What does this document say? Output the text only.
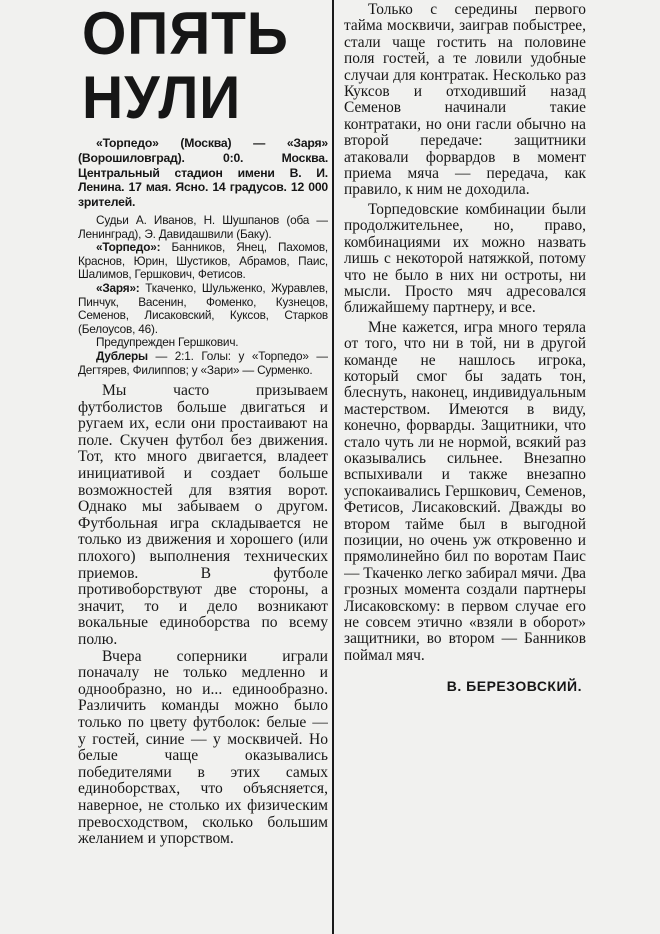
ОПЯТЬ
НУЛИ

«Торпедо» (Москва) — «Заря» (Ворошиловград). 0:0. Москва. Центральный стадион имени В. И. Ленина. 17 мая. Ясно. 14 градусов. 12 000 зрителей.

Судьи А. Иванов, Н. Шушпанов (оба — Ленинград), Э. Давидашвили (Баку).

«Торпедо»: Банников, Янец, Пахомов, Краснов, Юрин, Шустиков, Абрамов, Паис, Шалимов, Гершкович, Фетисов.

«Заря»: Ткаченко, Шульженко, Журавлев, Пинчук, Васенин, Фоменко, Кузнецов, Семенов, Лисаковский, Куксов, Старков (Белоусов, 46).

Предупрежден Гершкович.

Дублеры — 2:1. Голы: у «Торпедо» — Дегтярев, Филиппов; у «Зари» — Сурменко.

Мы часто призываем футболистов больше двигаться и ругаем их, если они простаивают на поле. Скучен футбол без движения. Тот, кто много двигается, владеет инициативой и создает больше возможностей для взятия ворот. Однако мы забываем о другом. Футбольная игра складывается не только из движения и хорошего (или плохого) выполнения технических приемов. В футболе противоборствуют две стороны, а значит, то и дело возникают вокальные единоборства по всему полю.

Вчера соперники играли поначалу не только медленно и однообразно, но и... единообразно. Различить команды можно было только по цвету футболок: белые — у гостей, синие — у москвичей. Но белые чаще оказывались победителями в этих самых единоборствах, что объясняется, наверное, не столько их физическим превосходством, сколько большим желанием и упорством.

Только с середины первого тайма москвичи, заиграв побыстрее, стали чаще гостить на половине поля гостей, а те ловили удобные случаи для контратак. Несколько раз Куксов и отходивший назад Семенов начинали такие контратаки, но они гасли обычно на второй передаче: защитники атаковали форвардов в момент приема мяча — передача, как правило, к ним не доходила.

Торпедовские комбинации были продолжительнее, но, право, комбинациями их можно назвать лишь с некоторой натяжкой, потому что не было в них ни остроты, ни мысли. Просто мяч адресовался ближайшему партнеру, и все.

Мне кажется, игра много теряла от того, что ни в той, ни в другой команде не нашлось игрока, который смог бы задать тон, блеснуть, наконец, индивидуальным мастерством. Имеются в виду, конечно, форварды. Защитники, что стало чуть ли не нормой, всякий раз оказывались сильнее. Внезапно вспыхивали и также внезапно успокаивались Гершкович, Семенов, Фетисов, Лисаковский. Дважды во втором тайме был в выгодной позиции, но очень уж откровенно и прямолинейно бил по воротам Паис — Ткаченко легко забирал мячи. Два грозных момента создали партнеры Лисаковскому: в первом случае его не совсем этично «взяли в оборот» защитники, во втором — Банников поймал мяч.

В. БЕРЕЗОВСКИЙ.
